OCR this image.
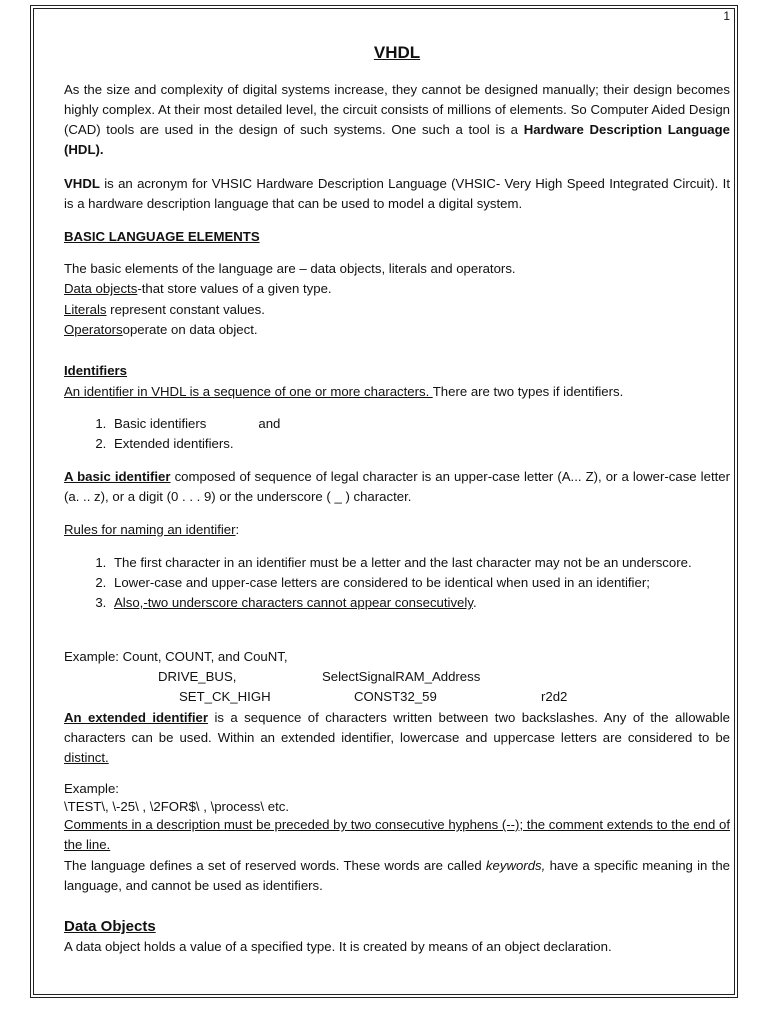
1
VHDL

As the size and complexity of digital systems increase, they cannot be designed manually; their design becomes highly complex. At their most detailed level, the circuit consists of millions of elements. So Computer Aided Design (CAD) tools are used in the design of such systems. One such a tool is a Hardware Description Language (HDL).

VHDL is an acronym for VHSIC Hardware Description Language (VHSIC- Very High Speed Integrated Circuit). It is a hardware description language that can be used to model a digital system.

BASIC LANGUAGE ELEMENTS

The basic elements of the language are – data objects, literals and operators.

Data objects-that store values of a given type.

Literals represent constant values.

Operatorsoperate on data object.

Identifiers

An identifier in VHDL is a sequence of one or more characters. There are two types if identifiers.

1. Basic identifiers	and
2. Extended identifiers.

A basic identifier composed of sequence of legal character is an upper-case letter (A... Z), or a lower-case letter (a. .. z), or a digit (0 . . . 9) or the underscore ( _ ) character.

Rules for naming an identifier:

1. The first character in an identifier must be a letter and the last character may not be an underscore.
2. Lower-case and upper-case letters are considered to be identical when used in an identifier;
3. Also,-two underscore characters cannot appear consecutively.

Example: Count, COUNT, and CouNT,

DRIVE_BUS,	SelectSignalRAM_Address

SET_CK_HIGH	CONST32_59	r2d2

An extended identifier is a sequence of characters written between two backslashes. Any of the allowable characters can be used. Within an extended identifier, lowercase and uppercase letters are considered to be distinct.

Example:

\TEST\, \-25\ , \2FOR$\ , \process\ etc.

Comments in a description must be preceded by two consecutive hyphens (--); the comment extends to the end of the line.

The language defines a set of reserved words. These words are called keywords, have a specific meaning in the language, and cannot be used as identifiers.

Data Objects

A data object holds a value of a specified type. It is created by means of an object declaration.
